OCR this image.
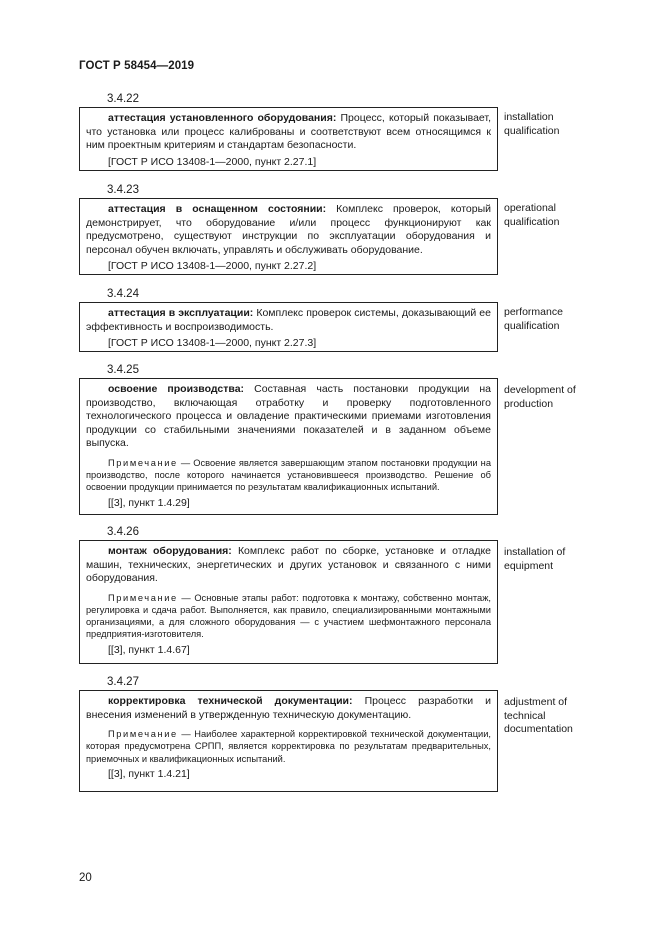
ГОСТ Р 58454—2019
3.4.22

аттестация установленного оборудования: Процесс, который показывает, что установка или процесс калиброваны и соответствуют всем относящимся к ним проектным критериям и стандартам безопасности.

[ГОСТ Р ИСО 13408-1—2000, пункт 2.27.1]

installation qualification
3.4.23

аттестация в оснащенном состоянии: Комплекс проверок, который демонстрирует, что оборудование и/или процесс функционируют как предусмотрено, существуют инструкции по эксплуатации оборудования и персонал обучен включать, управлять и обслуживать оборудование.

[ГОСТ Р ИСО 13408-1—2000, пункт 2.27.2]

operational qualification
3.4.24

аттестация в эксплуатации: Комплекс проверок системы, доказывающий ее эффективность и воспроизводимость.

[ГОСТ Р ИСО 13408-1—2000, пункт 2.27.3]

performance qualification
3.4.25

освоение производства: Составная часть постановки продукции на производство, включающая отработку и проверку подготовленного технологического процесса и овладение практическими приемами изготовления продукции со стабильными значениями показателей и в заданном объеме выпуска.

Примечание — Освоение является завершающим этапом постановки продукции на производство, после которого начинается установившееся производство. Решение об освоении продукции принимается по результатам квалификационных испытаний.

[[3], пункт 1.4.29]

development of production
3.4.26

монтаж оборудования: Комплекс работ по сборке, установке и отладке машин, технических, энергетических и других установок и связанного с ними оборудования.

Примечание — Основные этапы работ: подготовка к монтажу, собственно монтаж, регулировка и сдача работ. Выполняется, как правило, специализированными монтажными организациями, а для сложного оборудования — с участием шефмонтажного персонала предприятия-изготовителя.

[[3], пункт 1.4.67]

installation of equipment
3.4.27

корректировка технической документации: Процесс разработки и внесения изменений в утвержденную техническую документацию.

Примечание — Наиболее характерной корректировкой технической документации, которая предусмотрена СРПП, является корректировка по результатам предварительных, приемочных и квалификационных испытаний.

[[3], пункт 1.4.21]

adjustment of technical documentation
20
